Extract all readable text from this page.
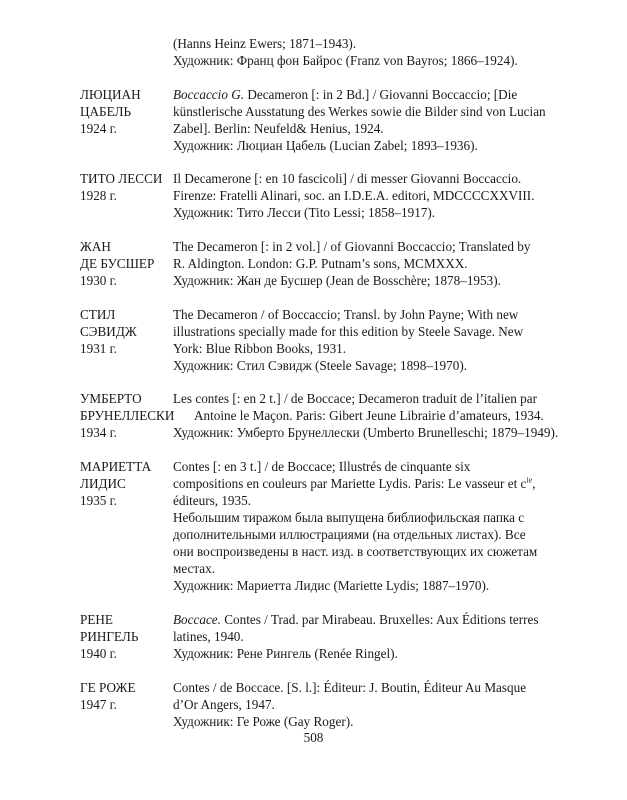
(Hanns Heinz Ewers; 1871–1943).
Художник: Франц фон Байрос (Franz von Bayros; 1866–1924).
ЛЮЦИАН
ЦАБЕЛЬ
1924 г.
Boccaccio G. Decameron [: in 2 Bd.] / Giovanni Boccaccio; [Die
künstlerische Ausstatung des Werkes sowie die Bilder sind von Lucian
Zabel]. Berlin: Neufeld& Henius, 1924.
Художник: Люциан Цабель (Lucian Zabel; 1893–1936).
ТИТО ЛЕССИ
1928 г.
Il Decamerone [: en 10 fascicoli] / di messer Giovanni Boccaccio.
Firenze: Fratelli Alinari, soc. an I.D.E.A. editori, MDCCCCXXVIII.
Художник: Тито Лесси (Tito Lessi; 1858–1917).
ЖАН
ДЕ БУСШЕР
1930 г.
The Decameron [: in 2 vol.] / of Giovanni Boccaccio; Translated by
R. Aldington. London: G.P. Putnam’s sons, MCMXXX.
Художник: Жан де Бусшер (Jean de Bosschère; 1878–1953).
СТИЛ
СЭВИДЖ
1931 г.
The Decameron / of Boccaccio; Transl. by John Payne; With new
illustrations specially made for this edition by Steele Savage. New
York: Blue Ribbon Books, 1931.
Художник: Стил Сэвидж (Steele Savage; 1898–1970).
УМБЕРТО
БРУНЕЛЛЕСКИ
1934 г.
Les contes [: en 2 t.] / de Boccace; Decameron traduit de l’italien par
Antoine le Maçon. Paris: Gibert Jeune Librairie d’amateurs, 1934.
Художник: Умберто Брунеллески (Umberto Brunelleschi; 1879–1949).
МАРИЕТТА
ЛИДИС
1935 г.
Contes [: en 3 t.] / de Boccace; Illustrés de cinquante six
compositions en couleurs par Mariette Lydis. Paris: Le vasseur et $c^{ie}$,
éditeurs, 1935.
Небольшим тиражом была выпущена библиофильская папка с
дополнительными иллюстрациями (на отдельных листах). Все
они воспроизведены в наст. изд. в соответствующих их сюжетам
местах.
Художник: Мариетта Лидис (Mariette Lydis; 1887–1970).
РЕНЕ
РИНГЕЛЬ
1940 г.
Boccace. Contes / Trad. par Mirabeau. Bruxelles: Aux Éditions terres
latines, 1940.
Художник: Рене Рингель (Renée Ringel).
ГЕ РОЖЕ
1947 г.
Contes / de Boccace. [S. l.]: Éditeur: J. Boutin, Éditeur Au Masque
d’Or Angers, 1947.
Художник: Ге Роже (Gay Roger).
508
